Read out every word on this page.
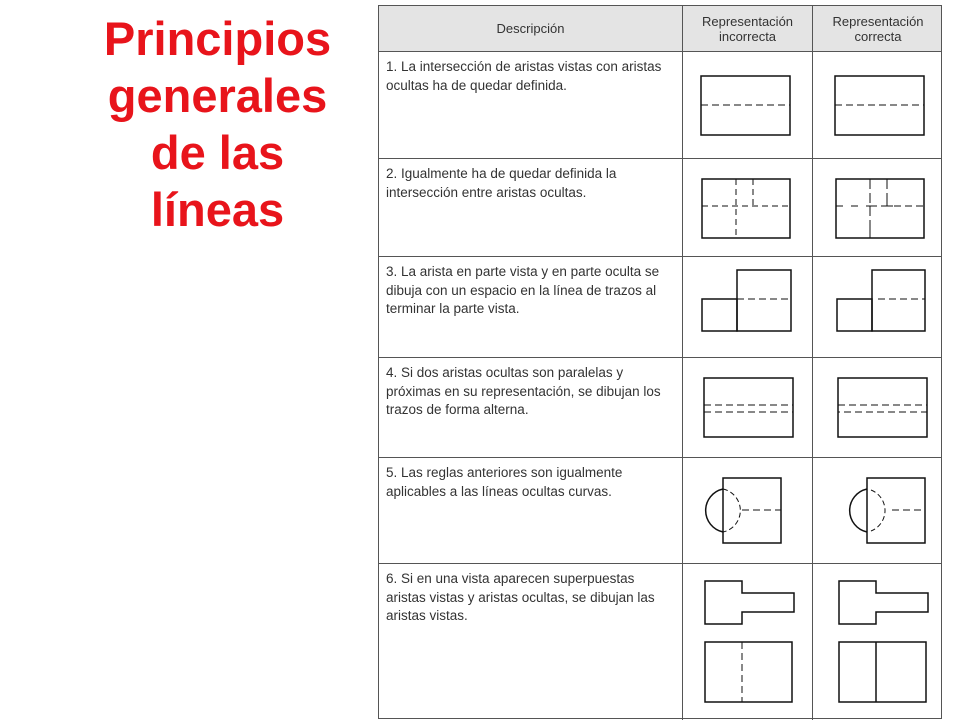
Principios
generales
de las
líneas
Descripción	Representación incorrecta
Representación correcta
1. La intersección de aristas vistas con aristas ocultas ha de quedar definida.
2. Igualmente ha de quedar definida la intersección entre aristas ocultas.
3. La arista en parte vista y en parte oculta se dibuja con un espacio en la línea de trazos al terminar la parte vista.
4. Si dos aristas ocultas son paralelas y próximas en su representación, se dibujan los trazos de forma alterna.
5. Las reglas anteriores son igualmente aplicables a las líneas ocultas curvas.
6. Si en una vista aparecen superpuestas aristas vistas y aristas ocultas, se dibujan las aristas vistas.
